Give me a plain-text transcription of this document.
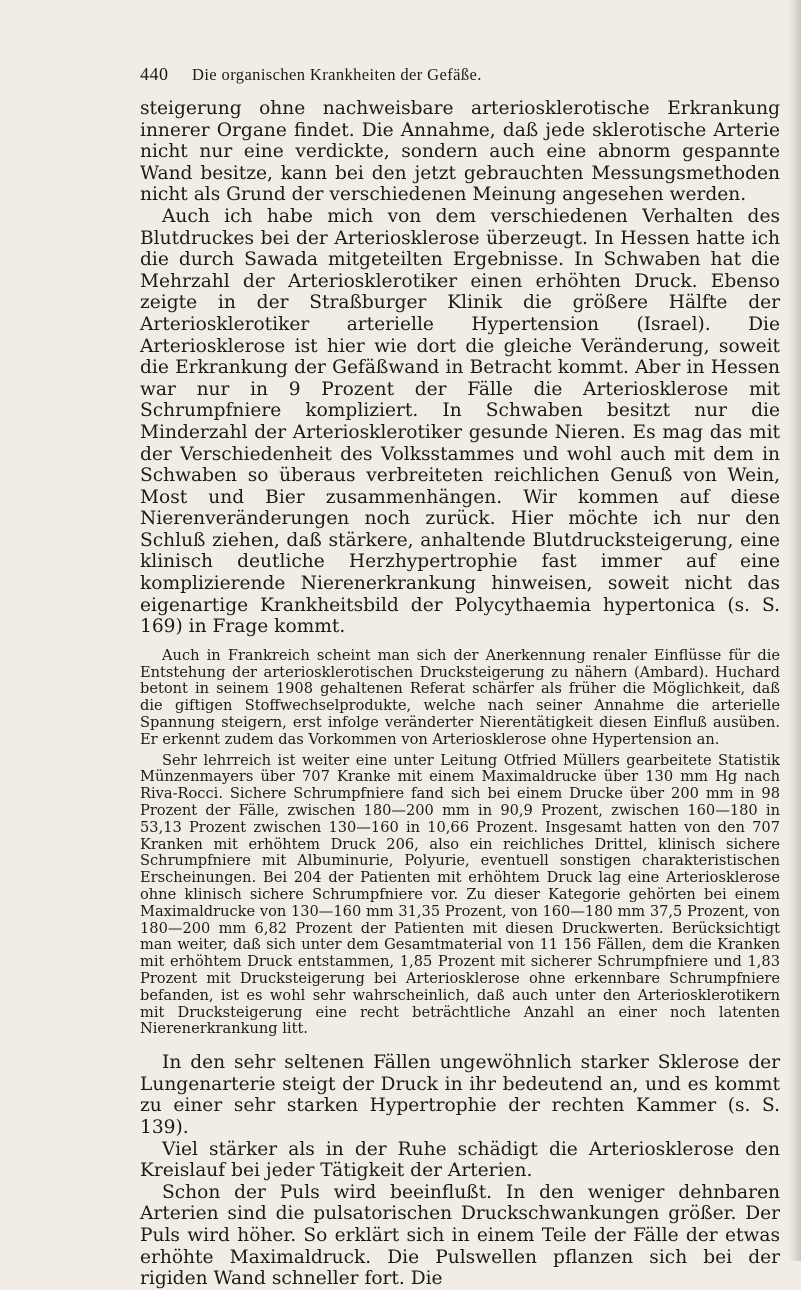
440 Die organischen Krankheiten der Gefäße.

steigerung ohne nachweisbare arteriosklerotische Erkrankung innerer Organe findet. Die Annahme, daß jede sklerotische Arterie nicht nur eine verdickte, sondern auch eine abnorm gespannte Wand besitze, kann bei den jetzt gebrauchten Messungsmethoden nicht als Grund der verschiedenen Meinung angesehen werden.

Auch ich habe mich von dem verschiedenen Verhalten des Blutdruckes bei der Arteriosklerose überzeugt. In Hessen hatte ich die durch Sawada mitgeteilten Ergebnisse. In Schwaben hat die Mehrzahl der Arteriosklerotiker einen erhöhten Druck. Ebenso zeigte in der Straßburger Klinik die größere Hälfte der Arteriosklerotiker arterielle Hypertension (Israel). Die Arteriosklerose ist hier wie dort die gleiche Veränderung, soweit die Erkrankung der Gefäßwand in Betracht kommt. Aber in Hessen war nur in 9 Prozent der Fälle die Arteriosklerose mit Schrumpfniere kompliziert. In Schwaben besitzt nur die Minderzahl der Arteriosklerotiker gesunde Nieren. Es mag das mit der Verschiedenheit des Volksstammes und wohl auch mit dem in Schwaben so überaus verbreiteten reichlichen Genuß von Wein, Most und Bier zusammenhängen. Wir kommen auf diese Nierenveränderungen noch zurück. Hier möchte ich nur den Schluß ziehen, daß stärkere, anhaltende Blutdrucksteigerung, eine klinisch deutliche Herzhypertrophie fast immer auf eine komplizierende Nierenerkrankung hinweisen, soweit nicht das eigenartige Krankheitsbild der Polycythaemia hypertonica (s. S. 169) in Frage kommt.

Auch in Frankreich scheint man sich der Anerkennung renaler Einflüsse für die Entstehung der arteriosklerotischen Drucksteigerung zu nähern (Ambard). Huchard betont in seinem 1908 gehaltenen Referat schärfer als früher die Möglichkeit, daß die giftigen Stoffwechselprodukte, welche nach seiner Annahme die arterielle Spannung steigern, erst infolge veränderter Nierentätigkeit diesen Einfluß ausüben. Er erkennt zudem das Vorkommen von Arteriosklerose ohne Hypertension an.

Sehr lehrreich ist weiter eine unter Leitung Otfried Müllers gearbeitete Statistik Münzenmayers über 707 Kranke mit einem Maximaldrucke über 130 mm Hg nach Riva-Rocci. Sichere Schrumpfniere fand sich bei einem Drucke über 200 mm in 98 Prozent der Fälle, zwischen 180—200 mm in 90,9 Prozent, zwischen 160—180 in 53,13 Prozent zwischen 130—160 in 10,66 Prozent. Insgesamt hatten von den 707 Kranken mit erhöhtem Druck 206, also ein reichliches Drittel, klinisch sichere Schrumpfniere mit Albuminurie, Polyurie, eventuell sonstigen charakteristischen Erscheinungen. Bei 204 der Patienten mit erhöhtem Druck lag eine Arteriosklerose ohne klinisch sichere Schrumpfniere vor. Zu dieser Kategorie gehörten bei einem Maximaldrucke von 130—160 mm 31,35 Prozent, von 160—180 mm 37,5 Prozent, von 180—200 mm 6,82 Prozent der Patienten mit diesen Druckwerten. Berücksichtigt man weiter, daß sich unter dem Gesamtmaterial von 11 156 Fällen, dem die Kranken mit erhöhtem Druck entstammen, 1,85 Prozent mit sicherer Schrumpfniere und 1,83 Prozent mit Drucksteigerung bei Arteriosklerose ohne erkennbare Schrumpfniere befanden, ist es wohl sehr wahrscheinlich, daß auch unter den Arteriosklerotikern mit Drucksteigerung eine recht beträchtliche Anzahl an einer noch latenten Nierenerkrankung litt.

In den sehr seltenen Fällen ungewöhnlich starker Sklerose der Lungenarterie steigt der Druck in ihr bedeutend an, und es kommt zu einer sehr starken Hypertrophie der rechten Kammer (s. S. 139).

Viel stärker als in der Ruhe schädigt die Arteriosklerose den Kreislauf bei jeder Tätigkeit der Arterien.

Schon der Puls wird beeinflußt. In den weniger dehnbaren Arterien sind die pulsatorischen Druckschwankungen größer. Der Puls wird höher. So erklärt sich in einem Teile der Fälle der etwas erhöhte Maximaldruck. Die Pulswellen pflanzen sich bei der rigiden Wand schneller fort. Die
